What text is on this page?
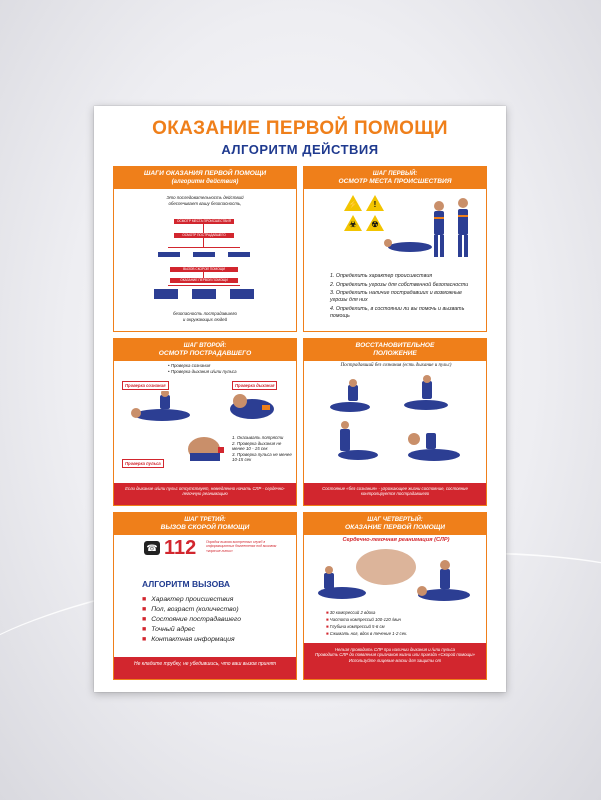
ОКАЗАНИЕ ПЕРВОЙ ПОМОЩИ
АЛГОРИТМ ДЕЙСТВИЯ
ШАГИ ОКАЗАНИЯ ПЕРВОЙ ПОМОЩИ
(алгоритм действия)
Это последовательность действий
обеспечивает вашу безопасность,
ОСМОТР МЕСТА ПРОИСШЕСТВИЯ
ОСМОТР ПОСТРАДАВШЕГО
ВЫЗОВ СКОРОЙ ПОМОЩИ
ОКАЗАНИЕ ПЕРВОЙ ПОМОЩИ
безопасность пострадавшего
и окружающих людей
ШАГ ПЕРВЫЙ:
ОСМОТР МЕСТА ПРОИСШЕСТВИЯ
⚡	!
☣	☢
1. Определить характер происшествия
2. Определить угрозы для собственной безопасности
3. Определить наличие пострадавших и возможные угрозы для них
4. Определить, в состоянии ли вы помочь и вызвать помощь
ШАГ ВТОРОЙ:
ОСМОТР ПОСТРАДАВШЕГО
• Проверка сознания
• Проверка дыхания и/или пульса
Проверка сознания	Проверка дыхания
Проверка пульса
1. Оказывать потрясти
2. Проверка дыхания не менее 10 - 15 сек
3. Проверка пульса не менее 10-15 сек
Если дыхание и/или пульс отсутствует, немедленно начать СЛР - сердечно-легочную реанимацию
ВОССТАНОВИТЕЛЬНОЕ
ПОЛОЖЕНИЕ
Пострадавший без сознания (есть дыхание и пульс)
Состояние «без сознания» - угрожающее жизни состояние, состояние контролируется пострадавшего
ШАГ ТРЕТИЙ:
ВЫЗОВ СКОРОЙ ПОМОЩИ
☎ 112	Порядок вызова экстренных служб в информационных бюллетенях под вызовом «горячие линии»
АЛГОРИТМ ВЫЗОВА
■ Характер происшествия
■ Пол, возраст (количество)
■ Состояние пострадавшего
■ Точный адрес
■ Контактная информация
Не кладите трубку, не убедившись, что ваш вызов принят
ШАГ ЧЕТВЕРТЫЙ:
ОКАЗАНИЕ ПЕРВОЙ ПОМОЩИ
Сердечно-легочная реанимация (СЛР)
■ 30 компрессий 2 вдоха
■ Частота компрессий 100-120 /мин
■ Глубина компрессий 5-6 см
■ Сжимать ног, вдох в течение 1-2 сек.
Нельзя проводить СЛР при наличии дыхания и /или пульса
Проводить СЛР до появления признаков жизни или приезда «Скорой помощи»
Используйте лицевые маски для защиты от
